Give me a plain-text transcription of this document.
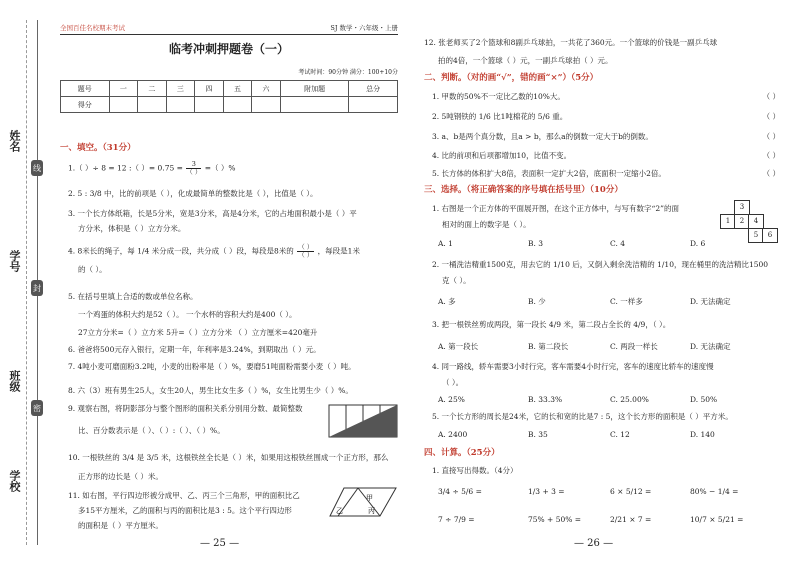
姓名
学号
班级
学校
线
封
密
全国百佳名校期末考试	SJ 数学・六年级・上册
临考冲刺押题卷（一）
考试时间：90分钟 满分：100+10分
题号	一	二	三	四	五	六	附加题	总分
得分								
一、填空。（31分）
1.（ ）÷ 8 = 12 :（ ）= $0.75 = \frac{3}{( )}$ =（ ）%
2. 5 : 3/8 中，比的前项是（ ），化成最简单的整数比是（ ），比值是（ ）。
3. 一个长方体纸箱，长是5分米，宽是3分米，高是4分米，它的占地面积最小是（ ）平
方分米，体积是（ ）立方分米。
4. 8米长的绳子，每 1/4 米分成一段，共分成（ ）段，每段是8米的 $\frac{( )}{( )}$ ，每段是1米
的（ ）。
5. 在括号里填上合适的数或单位名称。
一个鸡蛋的体积大约是52（ ）。 一个水杯的容积大约是400（ ）。
27立方分米=（ ）立方米 5升=（ ）立方分米 （ ）立方厘米=420毫升
6. 爸爸将500元存入银行，定期一年，年利率是3.24%，到期取出（ ）元。
7. 4吨小麦可磨面粉3.2吨，小麦的出粉率是（ ）%，要磨51吨面粉需要小麦（ ）吨。
8. 六（3）班有男生25人，女生20人，男生比女生多（ ）%，女生比男生少（ ）%。
9. 观察右图，将阴影部分与整个图形的面积关系分别用分数、最简整数
比、百分数表示是（ ）、（ ）:（ ）、（ ）%。
10. 一根铁丝的 3/4 是 3/5 米，这根铁丝全长是（ ）米，如果用这根铁丝围成一个正方形，那么
正方形的边长是（ ）米。
11. 如右图，平行四边形被分成甲、乙、丙三个三角形，甲的面积比乙
多15平方厘米，乙的面积与丙的面积比是3 : 5。这个平行四边形
的面积是（ ）平方厘米。
甲
乙	丙
— 25 —
12. 张老师买了2个篮球和8副乒乓球拍，一共花了360元。一个篮球的价钱是一副乒乓球
拍的4倍，一个篮球（ ）元，一副乒乓球拍（ ）元。
二、判断。（对的画“√”，错的画“×”）（5分）
1. 甲数的50%不一定比乙数的10%大。	（ ）
2. 5吨钢铁的 1/6 比1吨棉花的 5/6 重。	（ ）
3. a、b是两个真分数，且a > b，那么a的倒数一定大于b的倒数。	（ ）
4. 比的前项和后项都增加10，比值不变。	（ ）
5. 长方体的体积扩大8倍，表面积一定扩大2倍，底面积一定缩小2倍。	（ ）
三、选择。（将正确答案的序号填在括号里）（10分）
1. 右图是一个正方体的平面展开图，在这个正方体中，与写有数字“2”的面
相对的面上的数字是（ ）。
A. 1	B. 3	C. 4	D. 6
2. 一桶洗洁精重1500克，用去它的 1/10 后，又倒入剩余洗洁精的 1/10，现在桶里的洗洁精比1500
克（ ）。
A. 多	B. 少	C. 一样多	D. 无法确定
3. 把一根铁丝剪成两段，第一段长 4/9 米，第二段占全长的 4/9，（ ）。
A. 第一段长	B. 第二段长	C. 两段一样长	D. 无法确定
4. 同一路线，轿车需要3小时行完，客车需要4小时行完，客车的速度比轿车的速度慢
（ ）。
A. 25%	B. 33.3%	C. 25.00%	D. 50%
5. 一个长方形的周长是24米，它的长和宽的比是7 : 5，这个长方形的面积是（ ）平方米。
A. 2400	B. 35	C. 12	D. 140
四、计算。（25分）
1. 直接写出得数。（4分）
3/4 ÷ 5/6 =	1/3 + 3 =	6 × 5/12 =	80% − 1/4 =
7 ÷ 7/9 =	75% + 50% =	2/21 × 7 =	10/7 × 5/21 =
— 26 —
3
1	2	4
5	6
